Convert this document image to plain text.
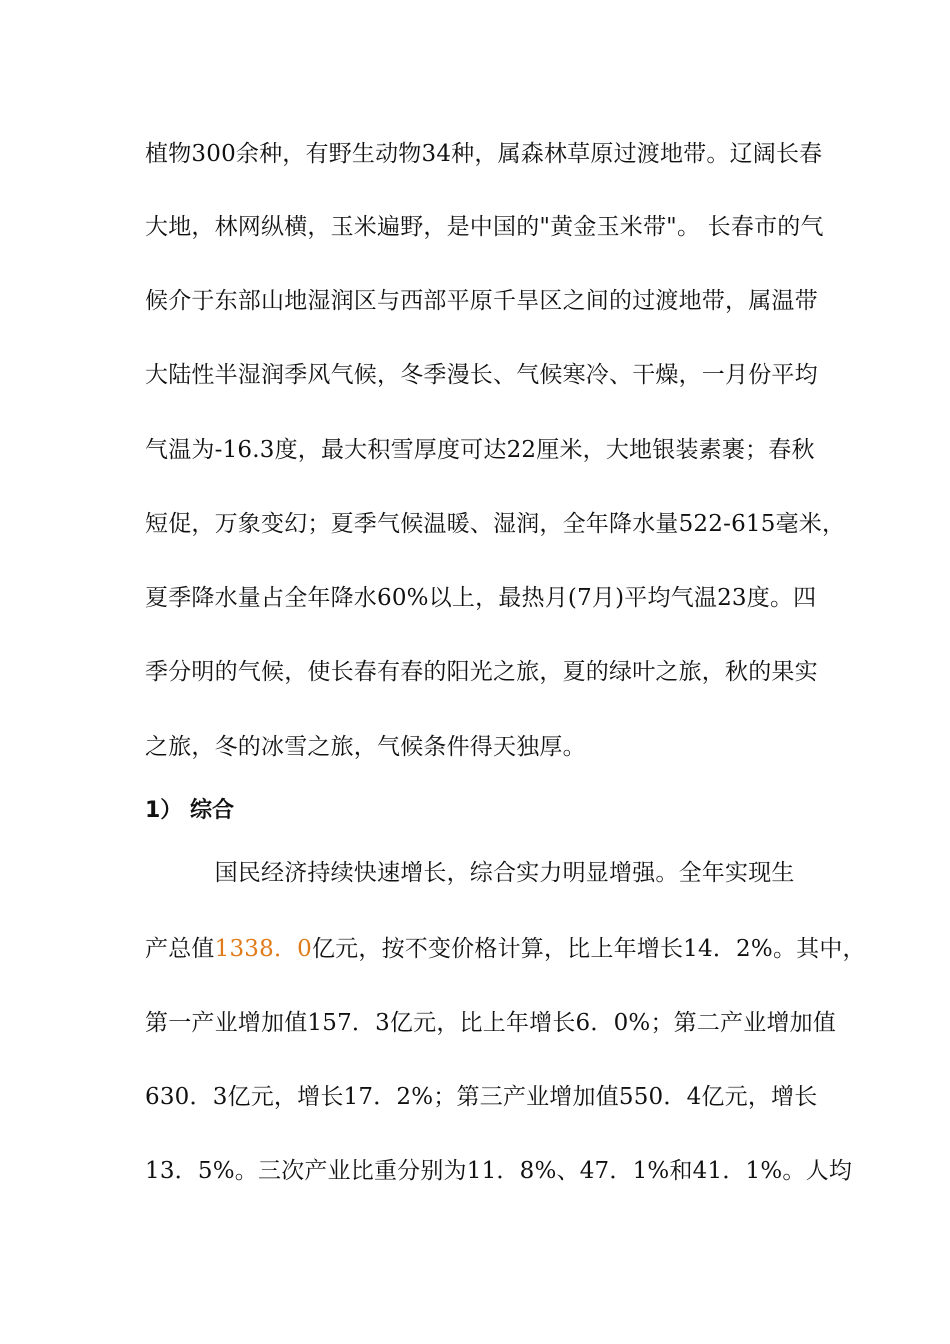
植物300余种，有野生动物34种，属森林草原过渡地带。辽阔长春
大地，林网纵横，玉米遍野，是中国的"黄金玉米带"。 长春市的气
候介于东部山地湿润区与西部平原千旱区之间的过渡地带，属温带
大陆性半湿润季风气候，冬季漫长、气候寒冷、干燥，一月份平均
气温为-16.3度，最大积雪厚度可达22厘米，大地银装素裹；春秋
短促，万象变幻；夏季气候温暖、湿润，全年降水量522-615毫米，
夏季降水量占全年降水60%以上，最热月(7月)平均气温23度。四
季分明的气候，使长春有春的阳光之旅，夏的绿叶之旅，秋的果实
之旅，冬的冰雪之旅，气候条件得天独厚。
1） 综合
　　　国民经济持续快速增长，综合实力明显增强。全年实现生
产总值1338．0亿元，按不变价格计算，比上年增长14．2%。其中，
第一产业增加值157．3亿元，比上年增长6．0%；第二产业增加值
630．3亿元，增长17．2%；第三产业增加值550．4亿元，增长
13．5%。三次产业比重分别为11．8%、47．1%和41．1%。人均
